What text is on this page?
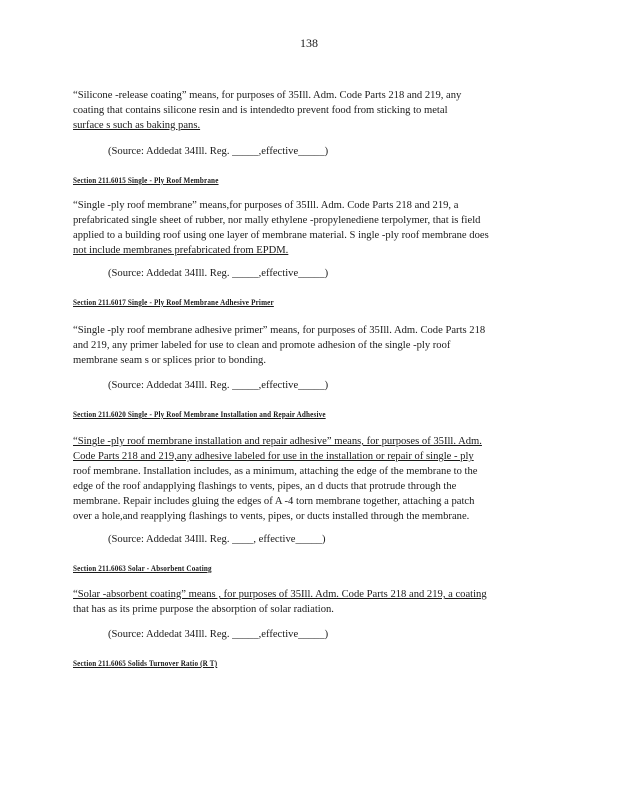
138
“Silicone -release coating” means, for purposes of 35Ill. Adm. Code Parts 218 and 219, any
coating that contains silicone resin and is intendedto prevent food from sticking to metal
surface s such as baking pans.
(Source: Addedat 34Ill. Reg. _____,effective_____)
Section 211.6015 Single - Ply Roof Membrane
“Single -ply roof membrane” means,for purposes of 35Ill. Adm. Code Parts 218 and 219, a
prefabricated single sheet of rubber, nor mally ethylene -propylenediene terpolymer, that is field
applied to a building roof using one layer of membrane material. S ingle -ply roof membrane does
not include membranes prefabricated from EPDM.
(Source: Addedat 34Ill. Reg. _____,effective_____)
Section 211.6017 Single - Ply Roof Membrane Adhesive Primer
“Single -ply roof membrane adhesive primer” means, for purposes of 35Ill. Adm. Code Parts 218
and 219, any primer labeled for use to clean and promote adhesion of the single -ply roof
membrane seam s or splices prior to bonding.
(Source: Addedat 34Ill. Reg. _____,effective_____)
Section 211.6020 Single - Ply Roof Membrane Installation and Repair Adhesive
“Single -ply roof membrane installation and repair adhesive” means, for purposes of 35Ill. Adm.
Code Parts 218 and 219,any adhesive labeled for use in the installation or repair of single - ply
roof membrane. Installation includes, as a minimum, attaching the edge of the membrane to the
edge of the roof andapplying flashings to vents, pipes, an d ducts that protrude through the
membrane. Repair includes gluing the edges of A -4 torn membrane together, attaching a patch
over a hole,and reapplying flashings to vents, pipes, or ducts installed through the membrane.
(Source: Addedat 34Ill. Reg. ____, effective_____)
Section 211.6063 Solar - Absorbent Coating
“Solar -absorbent coating” means , for purposes of 35Ill. Adm. Code Parts 218 and 219, a coating
that has as its prime purpose the absorption of solar radiation.
(Source: Addedat 34Ill. Reg. _____,effective_____)
Section 211.6065 Solids Turnover Ratio (R T)
